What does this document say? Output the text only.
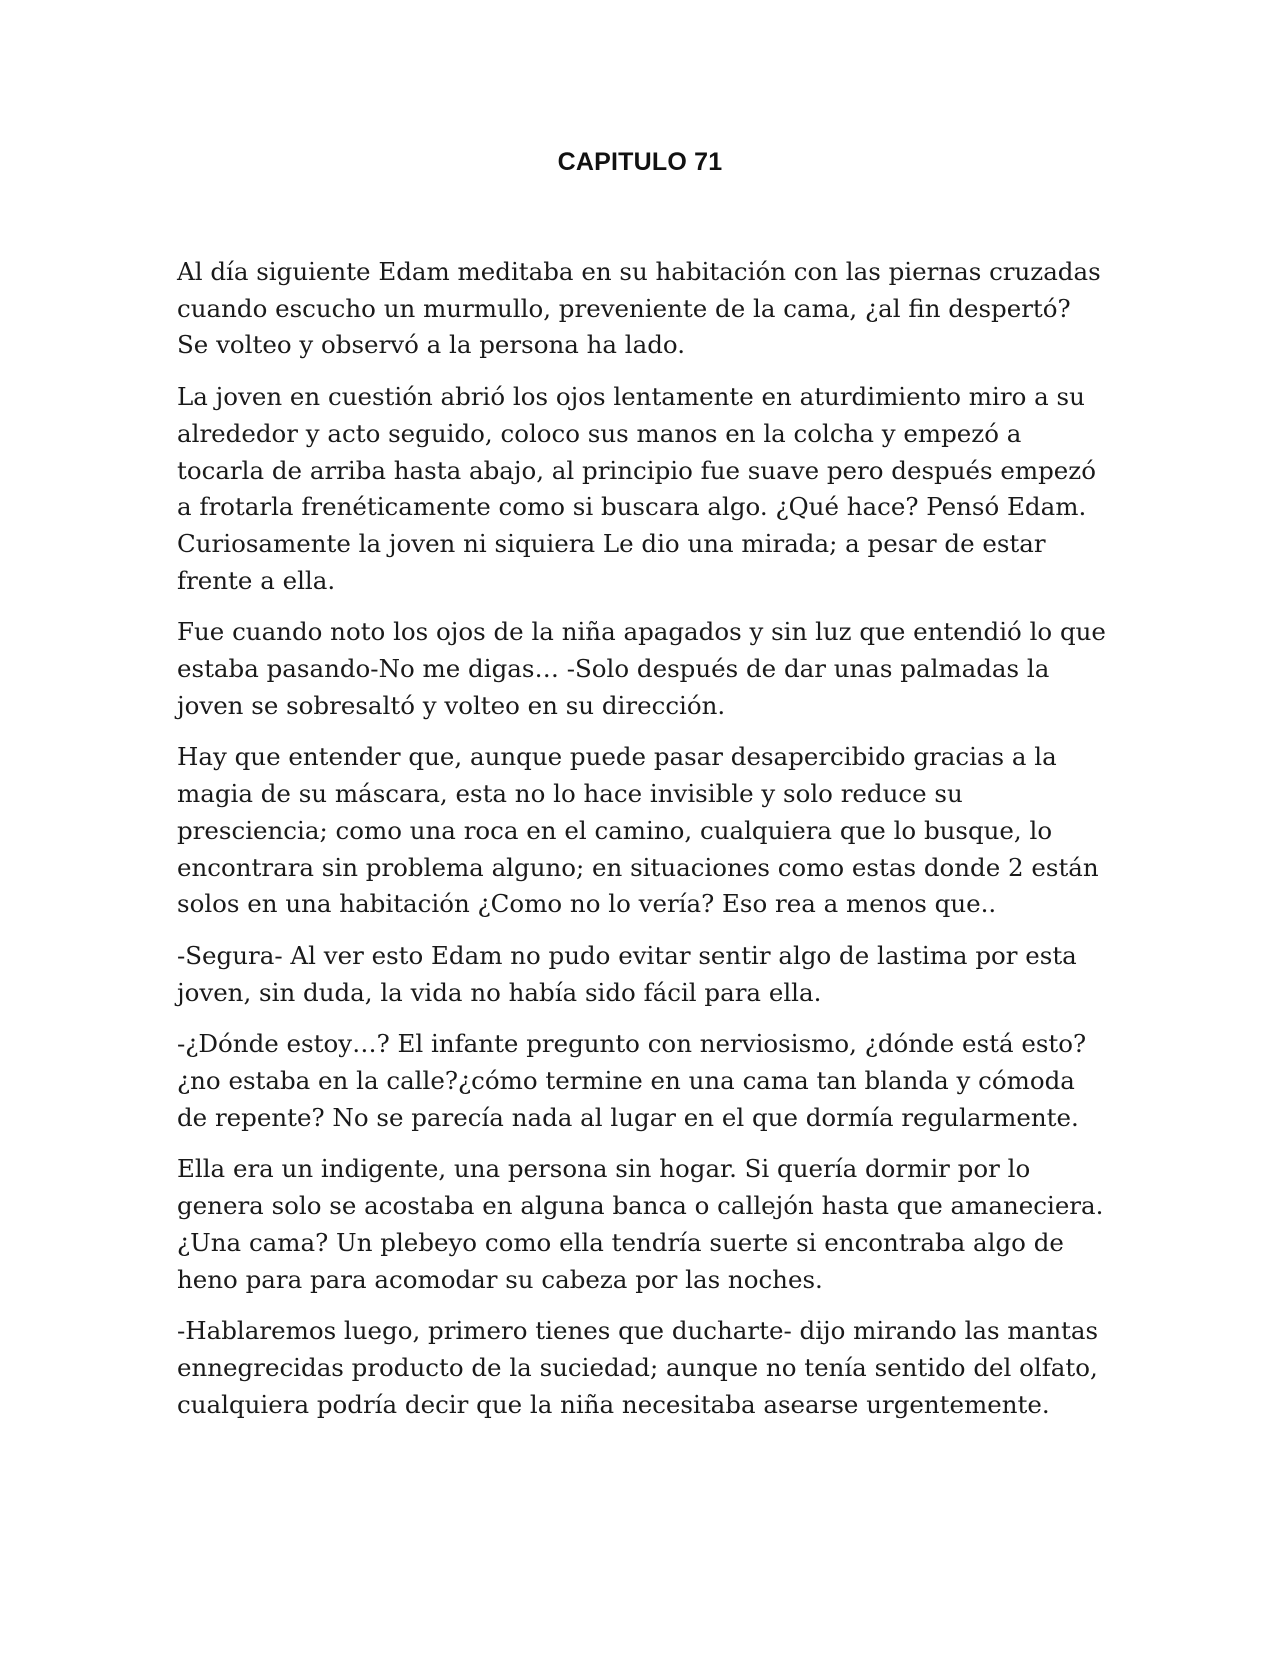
CAPITULO 71

Al día siguiente Edam meditaba en su habitación con las piernas cruzadas cuando escucho un murmullo, preveniente de la cama, ¿al fin despertó? Se volteo y observó a la persona ha lado.

La joven en cuestión abrió los ojos lentamente en aturdimiento miro a su alrededor y acto seguido, coloco sus manos en la colcha y empezó a tocarla de arriba hasta abajo, al principio fue suave pero después empezó a frotarla frenéticamente como si buscara algo. ¿Qué hace? Pensó Edam. Curiosamente la joven ni siquiera Le dio una mirada; a pesar de estar frente a ella.

Fue cuando noto los ojos de la niña apagados y sin luz que entendió lo que estaba pasando-No me digas… -Solo después de dar unas palmadas la joven se sobresaltó y volteo en su dirección.

Hay que entender que, aunque puede pasar desapercibido gracias a la magia de su máscara, esta no lo hace invisible y solo reduce su presciencia; como una roca en el camino, cualquiera que lo busque, lo encontrara sin problema alguno; en situaciones como estas donde 2 están solos en una habitación ¿Como no lo vería? Eso rea a menos que..

-Segura- Al ver esto Edam no pudo evitar sentir algo de lastima por esta joven, sin duda, la vida no había sido fácil para ella.

-¿Dónde estoy…? El infante pregunto con nerviosismo, ¿dónde está esto?¿no estaba en la calle?¿cómo termine en una cama tan blanda y cómoda de repente? No se parecía nada al lugar en el que dormía regularmente.

Ella era un indigente, una persona sin hogar. Si quería dormir por lo genera solo se acostaba en alguna banca o callejón hasta que amaneciera. ¿Una cama? Un plebeyo como ella tendría suerte si encontraba algo de heno para para acomodar su cabeza por las noches.

-Hablaremos luego, primero tienes que ducharte- dijo mirando las mantas ennegrecidas producto de la suciedad; aunque no tenía sentido del olfato, cualquiera podría decir que la niña necesitaba asearse urgentemente.
